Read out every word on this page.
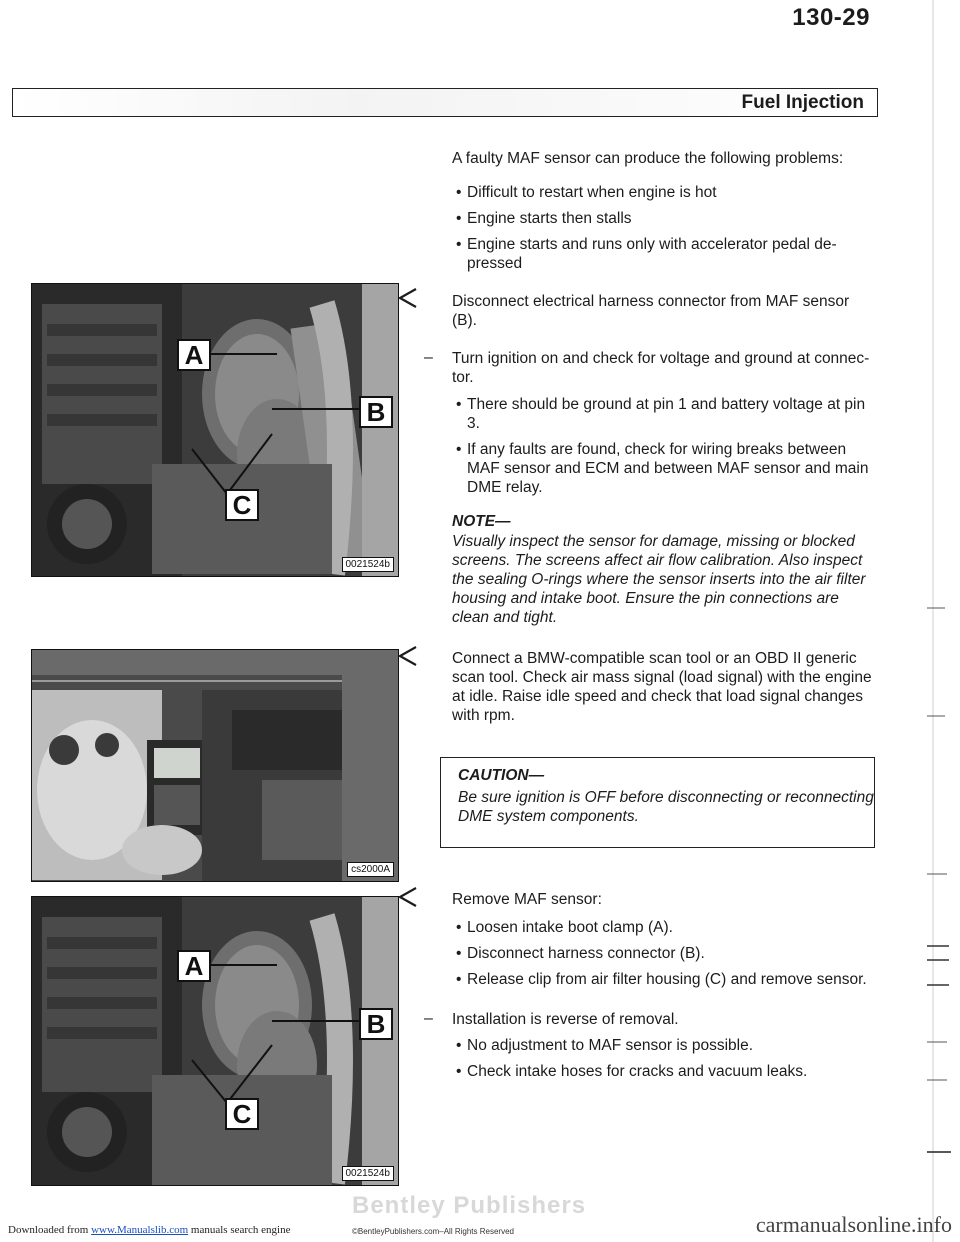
130-29
Fuel Injection
A faulty MAF sensor can produce the following problems:
• Difficult to restart when engine is hot
• Engine starts then stalls
• Engine starts and runs only with accelerator pedal de-
pressed
A
B
C
0021524b
Disconnect electrical harness connector from MAF sensor
(B).
– Turn ignition on and check for voltage and ground at connec-
tor.
• There should be ground at pin 1 and battery voltage at pin
3.
• If any faults are found, check for wiring breaks between
MAF sensor and ECM and between MAF sensor and main
DME relay.
NOTE—
Visually inspect the sensor for damage, missing or blocked
screens. The screens affect air flow calibration. Also inspect
the sealing O-rings where the sensor inserts into the air filter
housing and intake boot. Ensure the pin connections are
clean and tight.
cs2000A
Connect a BMW-compatible scan tool or an OBD II generic
scan tool. Check air mass signal (load signal) with the engine
at idle. Raise idle speed and check that load signal changes
with rpm.
CAUTION—
Be sure ignition is OFF before disconnecting or reconnecting
DME system components.
A
B
C
0021524b
Remove MAF sensor:
• Loosen intake boot clamp (A).
• Disconnect harness connector (B).
• Release clip from air filter housing (C) and remove sensor.
– Installation is reverse of removal.
• No adjustment to MAF sensor is possible.
• Check intake hoses for cracks and vacuum leaks.
Bentley Publishers
©BentleyPublishers.com–All Rights Reserved
Downloaded from www.Manualslib.com manuals search engine	carmanualsonline.info
